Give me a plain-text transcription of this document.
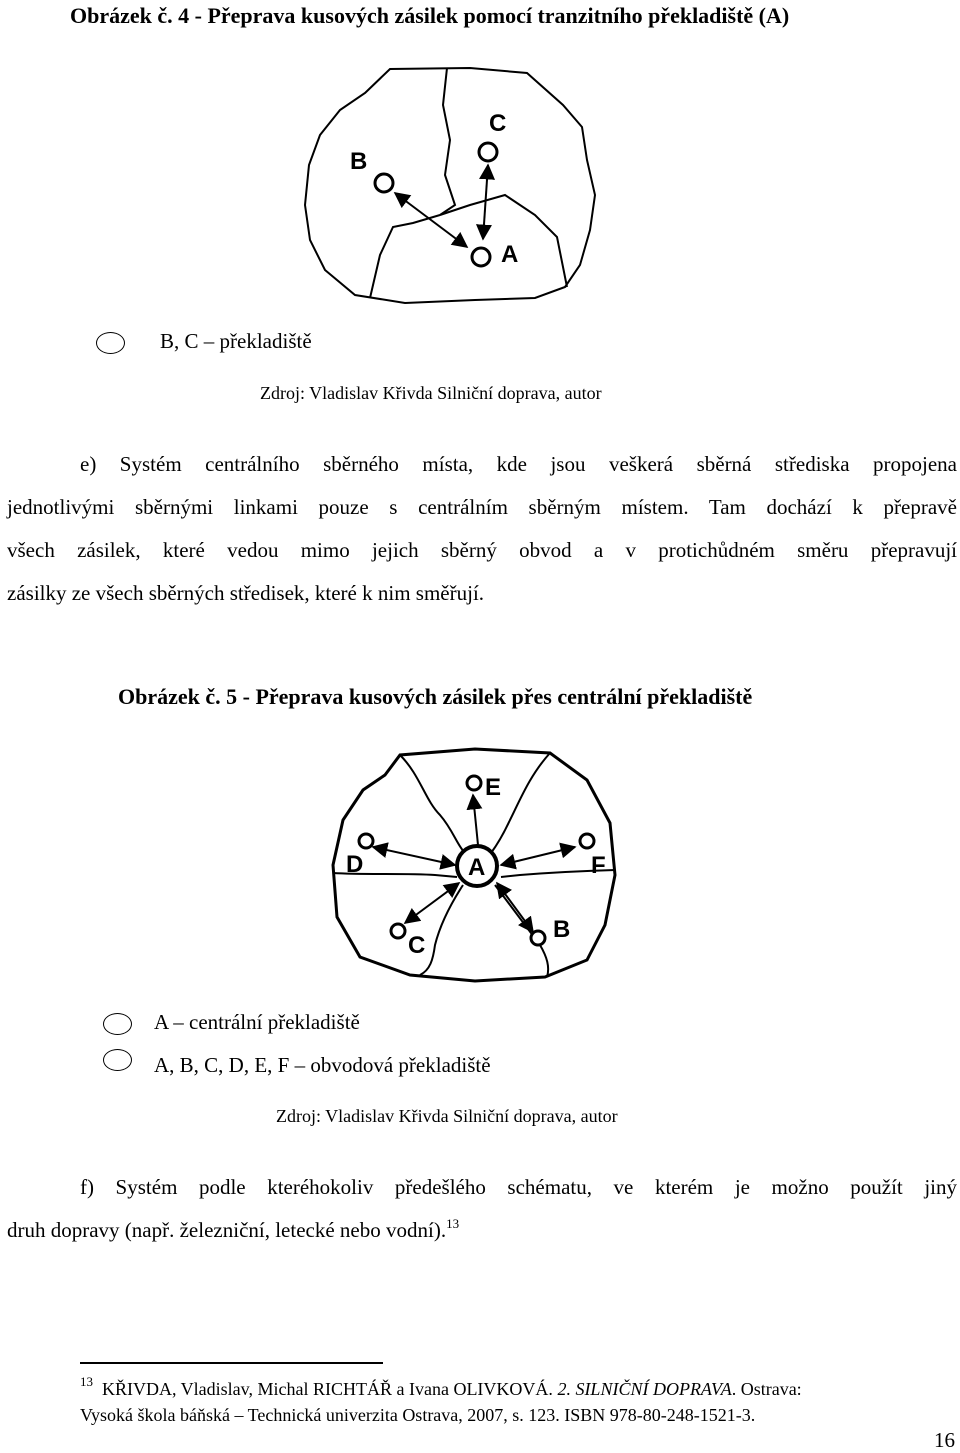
Obrázek č. 4 - Přeprava kusových zásilek pomocí tranzitního překladiště (A)
B
C
A
B, C – překladiště
Zdroj: Vladislav Křivda Silniční doprava, autor
e) Systém centrálního sběrného místa, kde jsou veškerá sběrná střediska propojena
jednotlivými sběrnými linkami pouze s centrálním sběrným místem. Tam dochází k přepravě
všech zásilek, které vedou mimo jejich sběrný obvod a v protichůdném směru přepravují
zásilky ze všech sběrných středisek, které k nim směřují.
Obrázek č. 5 - Přeprava kusových zásilek přes centrální překladiště
A
E
D	F
C
B
A – centrální překladiště
A, B, C, D, E, F – obvodová překladiště
Zdroj: Vladislav Křivda Silniční doprava, autor
f) Systém podle kteréhokoliv předešlého schématu, ve kterém je možno použít jiný
druh dopravy (např. železniční, letecké nebo vodní).$^{13}$
$^{13}$ KŘIVDA, Vladislav, Michal RICHTÁŘ a Ivana OLIVKOVÁ. 2. SILNIČNÍ DOPRAVA. Ostrava:
Vysoká škola báňská – Technická univerzita Ostrava, 2007, s. 123. ISBN 978-80-248-1521-3.
16
